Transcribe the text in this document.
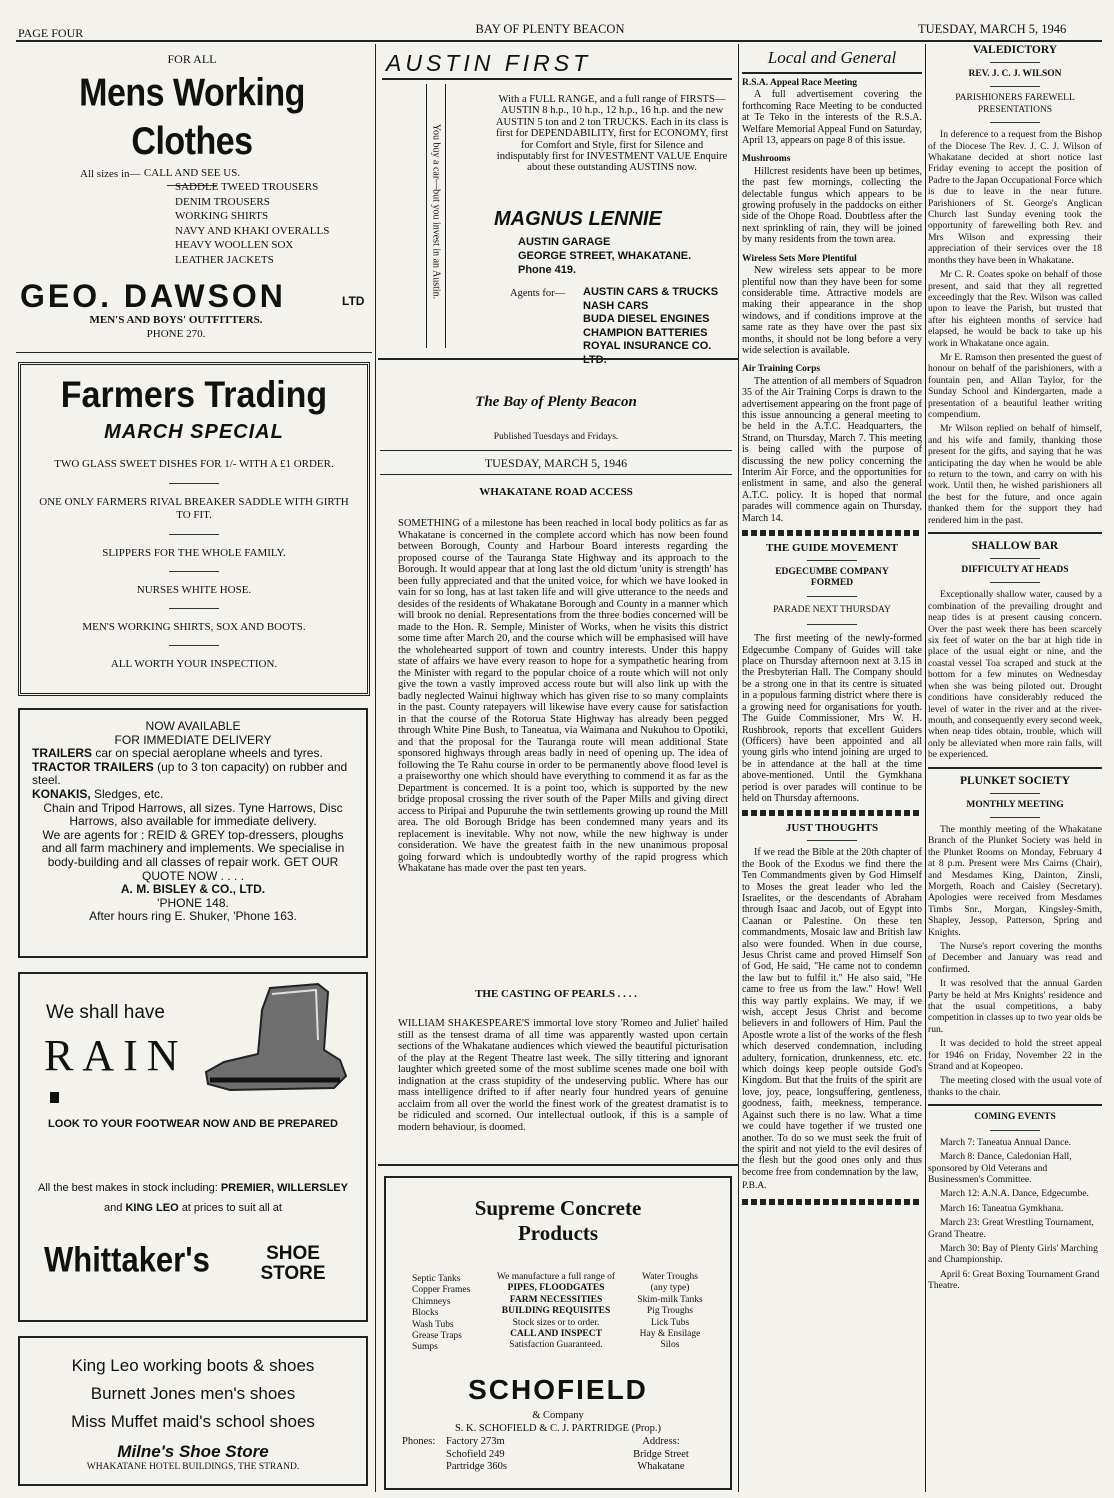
PAGE FOUR	BAY OF PLENTY BEACON	TUESDAY, MARCH 5, 1946
FOR ALL
Mens Working Clothes
CALL AND SEE US.
All sizes in—
SADDLE TWEED TROUSERS
DENIM TROUSERS
WORKING SHIRTS
NAVY AND KHAKI OVERALLS
HEAVY WOOLLEN SOX
LEATHER JACKETS
GEO. DAWSON	LTD
MEN'S AND BOYS' OUTFITTERS.
PHONE 270.
Farmers Trading
MARCH SPECIAL
TWO GLASS SWEET DISHES FOR 1/- WITH A £1 ORDER.
ONE ONLY FARMERS RIVAL BREAKER SADDLE WITH GIRTH TO FIT.
SLIPPERS FOR THE WHOLE FAMILY.
NURSES WHITE HOSE.
MEN'S WORKING SHIRTS, SOX AND BOOTS.
ALL WORTH YOUR INSPECTION.
NOW AVAILABLE
FOR IMMEDIATE DELIVERY
TRAILERS car on special aeroplane wheels and tyres.
TRACTOR TRAILERS (up to 3 ton capacity) on rubber and steel.
KONAKIS, Sledges, etc.
Chain and Tripod Harrows, all sizes. Tyne Harrows, Disc Harrows, also available for immediate delivery.
We are agents for : REID & GREY top-dressers, ploughs and all farm machinery and implements. We specialise in body-building and all classes of repair work. GET OUR QUOTE NOW . . . .
A. M. BISLEY & CO., LTD.
'PHONE 148.
After hours ring E. Shuker, 'Phone 163.
We shall have
RAIN
LOOK TO YOUR FOOTWEAR NOW AND BE PREPARED
All the best makes in stock including: PREMIER, WILLERSLEY and KING LEO at prices to suit all at
Whittaker's	SHOE
STORE
King Leo working boots & shoes
Burnett Jones men's shoes
Miss Muffet maid's school shoes
Milne's Shoe Store
WHAKATANE HOTEL BUILDINGS, THE STRAND.
AUSTIN FIRST
You buy a car—but you invest in an Austin.
With a FULL RANGE, and a full range of FIRSTS—AUSTIN 8 h.p., 10 h.p., 12 h.p., 16 h.p. and the new AUSTIN 5 ton and 2 ton TRUCKS. Each in its class is first for DEPENDABILITY, first for ECONOMY, first for Comfort and Style, first for Silence and indisputably first for INVESTMENT VALUE Enquire about these outstanding AUSTINS now.
MAGNUS LENNIE
AUSTIN GARAGE
GEORGE STREET, WHAKATANE.
Phone 419.
Agents for— AUSTIN CARS & TRUCKS
NASH CARS
BUDA DIESEL ENGINES
CHAMPION BATTERIES
ROYAL INSURANCE CO.
The Bay of Plenty Beacon
Published Tuesdays and Fridays.
TUESDAY, MARCH 5, 1946
WHAKATANE ROAD ACCESS
SOMETHING of a milestone has been reached in local body politics as far as Whakatane is concerned in the complete accord which has now been found between Borough, County and Harbour Board interests regarding the proposed course of the Tauranga State Highway and its approach to the Borough. It would appear that at long last the old dictum 'unity is strength' has been fully appreciated and that the united voice, for which we have looked in vain for so long, has at last taken life and will give utterance to the needs and desides of the residents of Whakatane Borough and County in a manner which will brook no denial. Representations from the three bodies concerned will be made to the Hon. R. Semple, Minister of Works, when he visits this district some time after March 20, and the course which will be emphasised will have the wholehearted support of town and country interests. Under this happy state of affairs we have every reason to hope for a sympathetic hearing from the Minister with regard to the popular choice of a route which will not only give the town a vastly improved access route but will also link up with the badly neglected Wainui highway which has given rise to so many complaints in the past. County ratepayers will likewise have every cause for satisfaction in that the course of the Rotorua State Highway has already been pegged through White Pine Bush, to Taneatua, via Waimana and Nukuhou to Opotiki, and that the proposal for the Tauranga route will mean additional State sponsored highways through areas badly in need of opening up. The idea of following the Te Rahu course in order to be permanently above flood level is a praiseworthy one which should have everything to commend it as far as the Department is concerned. It is a point too, which is supported by the new bridge proposal crossing the river south of the Paper Mills and giving direct access to Piripai and Pupuruhe the twin settlements growing up round the Mill area. The old Borough Bridge has been condemned many years and its replacement is inevitable. Why not now, while the new highway is under consideration. We have the greatest faith in the new unanimous proposal going forward which is undoubtedly worthy of the rapid progress which Whakatane has made over the past ten years.
THE CASTING OF PEARLS . . . .
WILLIAM SHAKESPEARE'S immortal love story 'Romeo and Juliet' hailed still as the tensest drama of all time was apparently wasted upon certain sections of the Whakatane audiences which viewed the beautiful picturisation of the play at the Regent Theatre last week. The silly tittering and ignorant laughter which greeted some of the most sublime scenes made one boil with indignation at the crass stupidity of the undeserving public. Where has our mass intelligence drifted to if after nearly four hundred years of genuine acclaim from all over the world the finest work of the greatest dramatist is to be ridiculed and scorned. Our intellectual outlook, if this is a sample of modern behaviour, is doomed.
Supreme Concrete
Products
Septic Tanks
Copper Frames
Chimneys
Blocks
Wash Tubs
Grease Traps
Sumps
We manufacture a full range of
PIPES, FLOODGATES
FARM NECESSITIES
BUILDING REQUISITES
Stock sizes or to order.
CALL AND INSPECT
Satisfaction Guaranteed.
Water Troughs
(any type)
Skim-milk Tanks
Pig Troughs
Lick Tubs
Hay & Ensilage
Silos
SCHOFIELD
& Company
S. K. SCHOFIELD & C. J. PARTRIDGE (Prop.)
Phones: Factory 273m
Schofield 249
Partridge 360s
Address:
Bridge Street
Whakatane
Local and General
R.S.A. Appeal Race Meeting
A full advertisement covering the forthcoming Race Meeting to be conducted at Te Teko in the interests of the R.S.A. Welfare Memorial Appeal Fund on Saturday, April 13, appears on page 8 of this issue.
Mushrooms
Hillcrest residents have been up betimes, the past few mornings, collecting the delectable fungus which appears to be growing profusely in the paddocks on either side of the Ohope Road. Doubtless after the next sprinkling of rain, they will be joined by many residents from the town area.
Wireless Sets More Plentiful
New wireless sets appear to be more plentiful now than they have been for some considerable time. Attractive models are making their appearance in the shop windows, and if conditions improve at the same rate as they have over the past six months, it should not be long before a very wide selection is available.
Air Training Corps
The attention of all members of Squadron 35 of the Air Training Corps is drawn to the advertisement appearing on the front page of this issue announcing a general meeting to be held in the A.T.C. Headquarters, the Strand, on Thursday, March 7. This meeting is being called with the purpose of discussing the new policy concerning the Interim Air Force, and the opportunities for enlistment in same, and also the general A.T.C. policy. It is hoped that normal parades will commence again on Thursday, March 14.
THE GUIDE MOVEMENT
EDGECUMBE COMPANY FORMED
PARADE NEXT THURSDAY
The first meeting of the newly-formed Edgecumbe Company of Guides will take place on Thursday afternoon next at 3.15 in the Presbyterian Hall. The Company should be a strong one in that its centre is situated in a populous farming district where there is a growing need for organisations for youth. The Guide Commissioner, Mrs W. H. Rushbrook, reports that excellent Guiders (Officers) have been appointed and all young girls who intend joining are urged to be in attendance at the hall at the time above-mentioned. Until the Gymkhana period is over parades will continue to be held on Thursday afternoons.
JUST THOUGHTS
If we read the Bible at the 20th chapter of the Book of the Exodus we find there the Ten Commandments given by God Himself to Moses the great leader who led the Israelites, or the descendants of Abraham through Isaac and Jacob, out of Egypt into Caanan or Palestine. On these ten commandments, Mosaic law and British law also were founded. When in due course, Jesus Christ came and proved Himself Son of God, He said, "He came not to condemn the law but to fulfil it." He also said, "He came to free us from the law." How! Well this way partly explains. We may, if we wish, accept Jesus Christ and become believers in and followers of Him. Paul the Apostle wrote a list of the works of the flesh which deserved condemnation, including adultery, fornication, drunkenness, etc. etc. which doings keep people outside God's Kingdom. But that the fruits of the spirit are love, joy, peace, longsuffering, gentleness, goodness, faith, meekness, temperance. Against such there is no law. What a time we could have together if we trusted one another. To do so we must seek the fruit of the spirit and not yield to the evil desires of the flesh but the good ones only and thus become free from condemnation by the law,
P.B.A.
VALEDICTORY
REV. J. C. J. WILSON
PARISHIONERS FAREWELL PRESENTATIONS
In deference to a request from the Bishop of the Diocese The Rev. J. C. J. Wilson of Whakatane decided at short notice last Friday evening to accept the position of Padre to the Japan Occupational Force which is due to leave in the near future. Parishioners of St. George's Anglican Church last Sunday evening took the opportunity of farewelling both Rev. and Mrs Wilson and expressing their appreciation of their services over the 18 months they have been in Whakatane.
Mr C. R. Coates spoke on behalf of those present, and said that they all regretted exceedingly that the Rev. Wilson was called upon to leave the Parish, but trusted that after his eighteen months of service had elapsed, he would be back to take up his work in Whakatane once again.
Mr E. Ramson then presented the guest of honour on behalf of the parishioners, with a fountain pen, and Allan Taylor, for the Sunday School and Kindergarten, made a presentation of a beautiful leather writing compendium.
Mr Wilson replied on behalf of himself, and his wife and family, thanking those present for the gifts, and saying that he was anticipating the day when he would be able to return to the town, and carry on with his work. Until then, he wished parishioners all the best for the future, and once again thanked them for the support they had rendered him in the past.
SHALLOW BAR
DIFFICULTY AT HEADS
Exceptionally shallow water, caused by a combination of the prevailing drought and neap tides is at present causing concern. Over the past week there has been scarcely six feet of water on the bar at high tide in place of the usual eight or nine, and the coastal vessel Toa scraped and stuck at the bottom for a few minutes on Wednesday when she was being piloted out. Drought conditions have considerably reduced the level of water in the river and at the river-mouth, and consequently every second week, when neap tides obtain, trouble, which will only be alleviated when more rain falls, will be experienced.
PLUNKET SOCIETY
MONTHLY MEETING
The monthly meeting of the Whakatane Branch of the Plunket Society was held in the Plunket Rooms on Monday, February 4 at 8 p.m. Present were Mrs Cairns (Chair), and Mesdames King, Dainton, Zinsli, Morgeth, Roach and Caisley (Secretary). Apologies were received from Mesdames Timbs Snr., Morgan, Kingsley-Smith, Shapley, Jessop, Patterson, Spring and Knights.
The Nurse's report covering the months of December and January was read and confirmed.
It was resolved that the annual Garden Party be held at Mrs Knights' residence and that the usual competitions, a baby competition in classes up to two year olds be run.
It was decided to hold the street appeal for 1946 on Friday, November 22 in the Strand and at Kopeopeo.
The meeting closed with the usual vote of thanks to the chair.
COMING EVENTS
March 7: Taneatua Annual Dance.
March 8: Dance, Caledonian Hall, sponsored by Old Veterans and Businessmen's Committee.
March 12: A.N.A. Dance, Edgecumbe.
March 16: Taneatua Gymkhana.
March 23: Great Wrestling Tournament, Grand Theatre.
March 30: Bay of Plenty Girls' Marching and Championship.
April 6: Great Boxing Tournament Grand Theatre.
